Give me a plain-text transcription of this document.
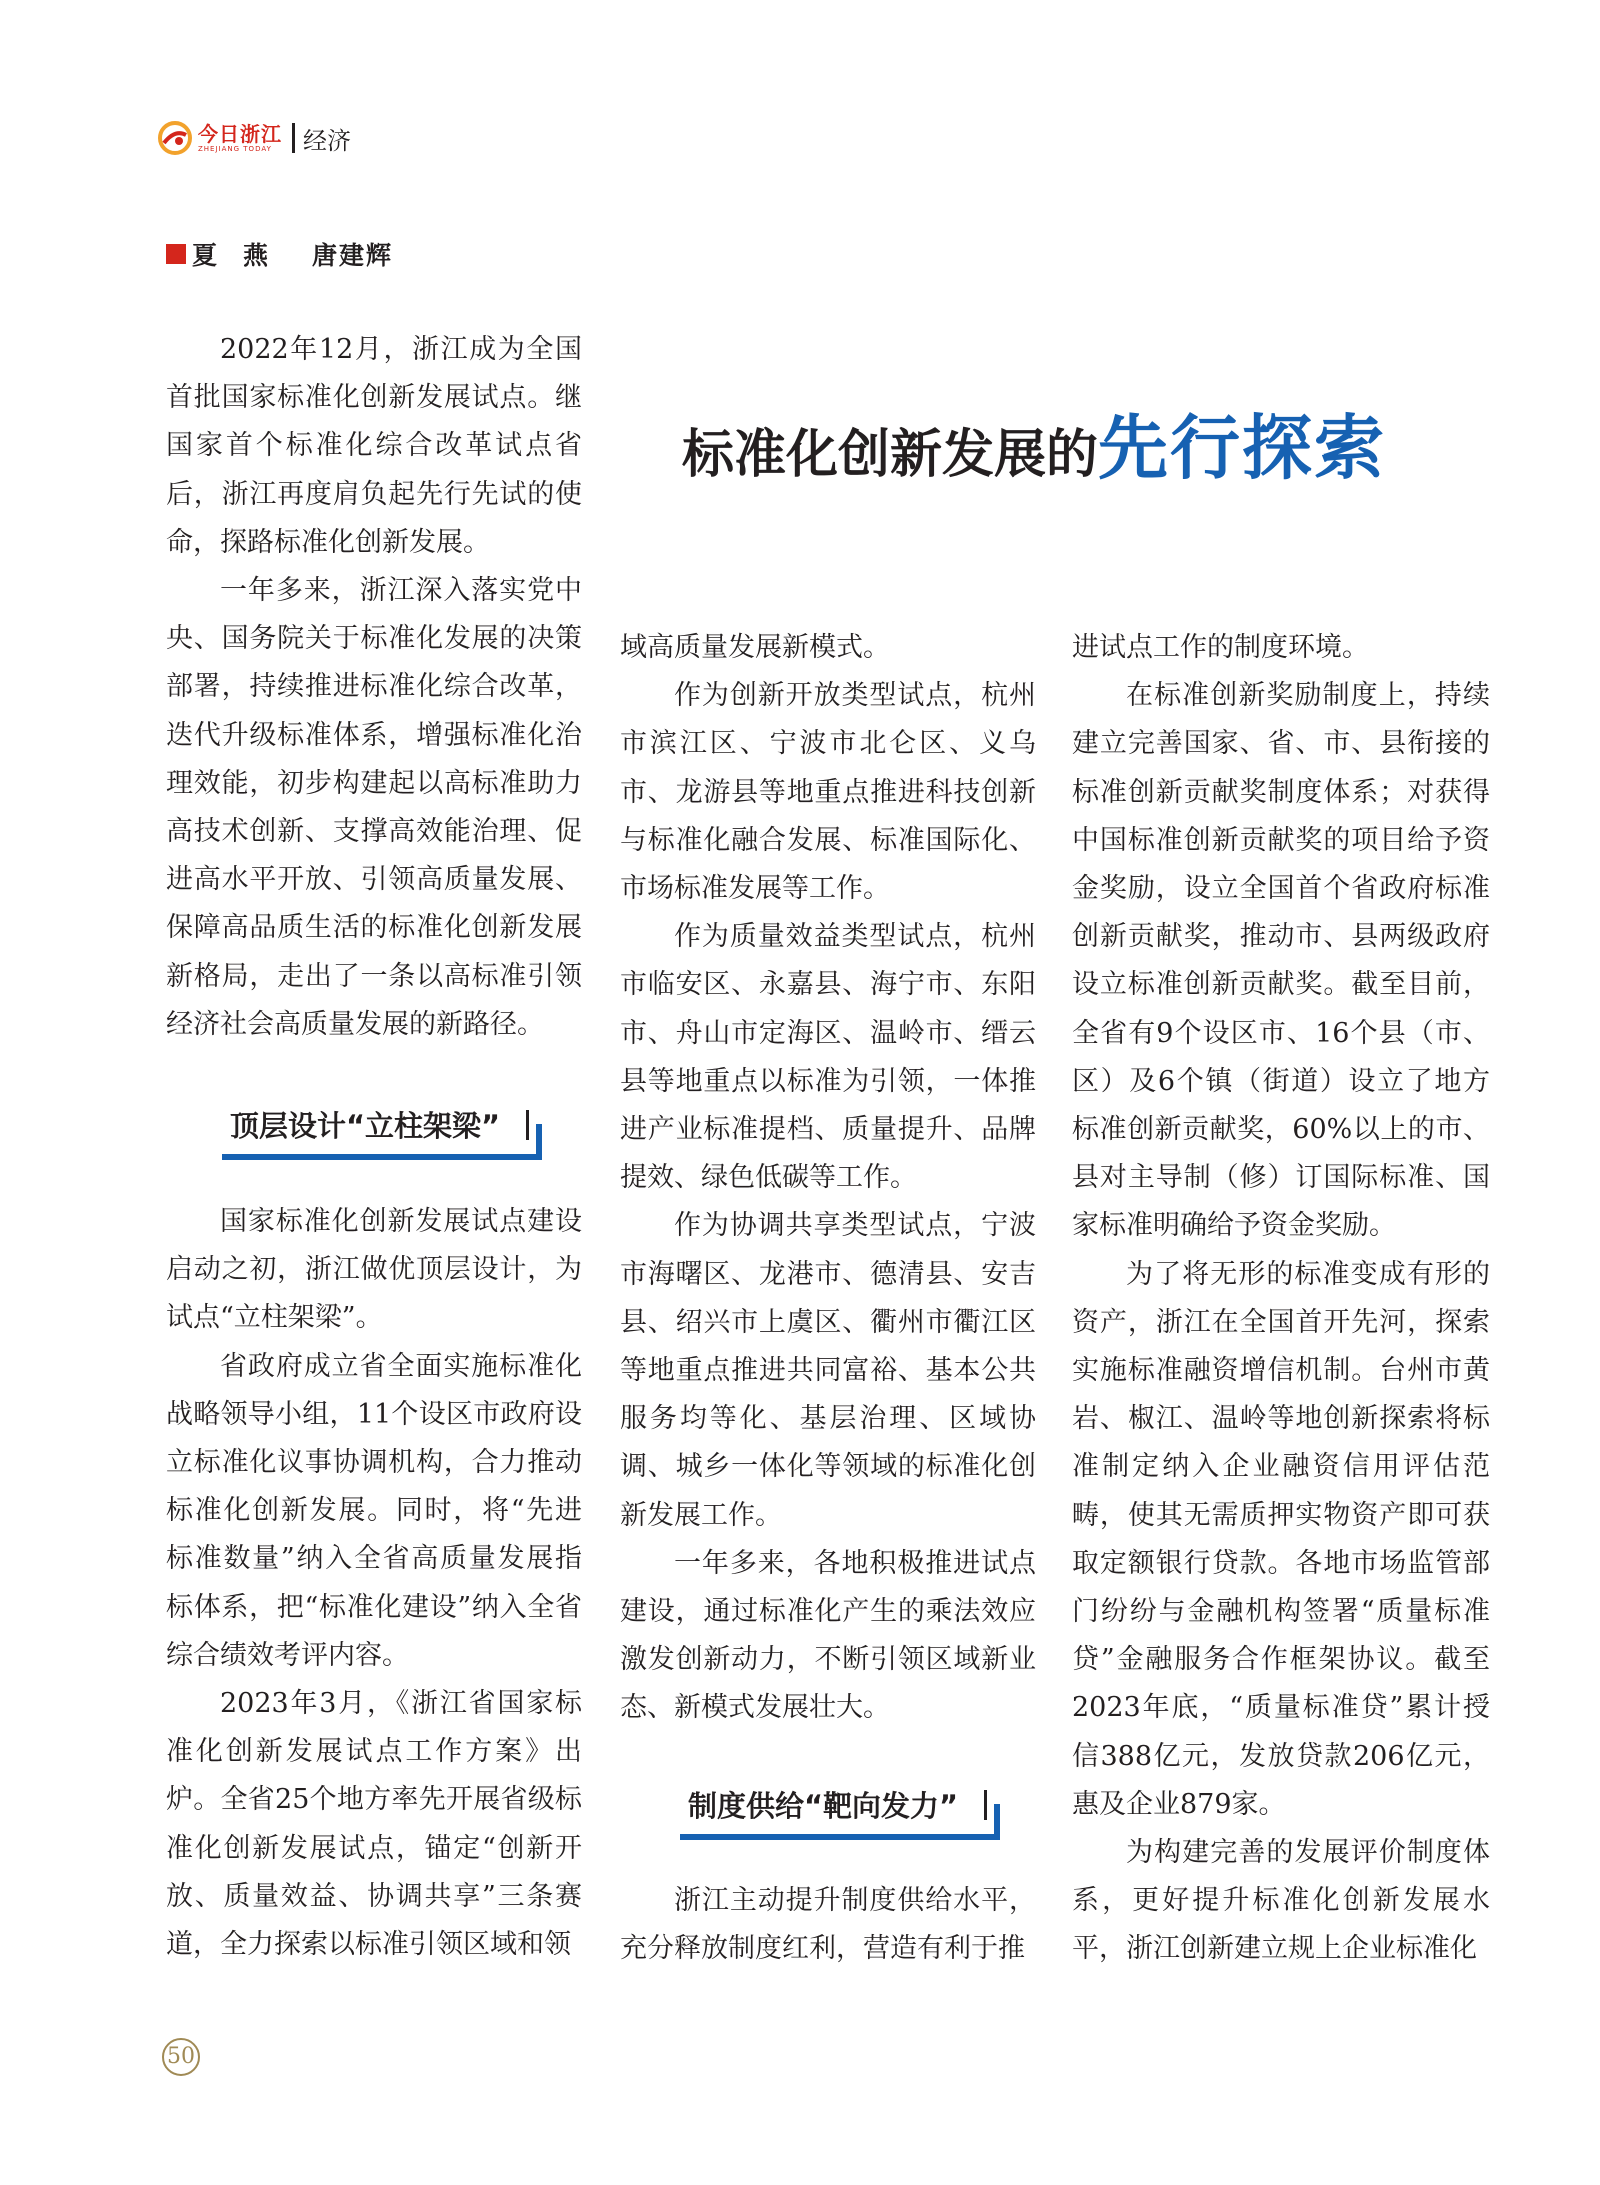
今日浙江
ZHEJIANG TODAY	经济
夏燕 唐建辉
标准化创新发展的先行探索

2022年12月，浙江成为全国首批国家标准化创新发展试点。继国家首个标准化综合改革试点省后，浙江再度肩负起先行先试的使命，探路标准化创新发展。

一年多来，浙江深入落实党中央、国务院关于标准化发展的决策部署，持续推进标准化综合改革，迭代升级标准体系，增强标准化治理效能，初步构建起以高标准助力高技术创新、支撑高效能治理、促进高水平开放、引领高质量发展、保障高品质生活的标准化创新发展新格局，走出了一条以高标准引领经济社会高质量发展的新路径。

顶层设计“立柱架梁”

国家标准化创新发展试点建设启动之初，浙江做优顶层设计，为试点“立柱架梁”。

省政府成立省全面实施标准化战略领导小组，11个设区市政府设立标准化议事协调机构，合力推动标准化创新发展。同时，将“先进标准数量”纳入全省高质量发展指标体系，把“标准化建设”纳入全省综合绩效考评内容。

2023年3月，《浙江省国家标准化创新发展试点工作方案》出炉。全省25个地方率先开展省级标准化创新发展试点，锚定“创新开放、质量效益、协调共享”三条赛道，全力探索以标准引领区域和领

域高质量发展新模式。

作为创新开放类型试点，杭州市滨江区、宁波市北仑区、义乌市、龙游县等地重点推进科技创新与标准化融合发展、标准国际化、市场标准发展等工作。

作为质量效益类型试点，杭州市临安区、永嘉县、海宁市、东阳市、舟山市定海区、温岭市、缙云县等地重点以标准为引领，一体推进产业标准提档、质量提升、品牌提效、绿色低碳等工作。

作为协调共享类型试点，宁波市海曙区、龙港市、德清县、安吉县、绍兴市上虞区、衢州市衢江区等地重点推进共同富裕、基本公共服务均等化、基层治理、区域协调、城乡一体化等领域的标准化创新发展工作。

一年多来，各地积极推进试点建设，通过标准化产生的乘法效应激发创新动力，不断引领区域新业态、新模式发展壮大。

制度供给“靶向发力”

浙江主动提升制度供给水平，充分释放制度红利，营造有利于推

进试点工作的制度环境。

在标准创新奖励制度上，持续建立完善国家、省、市、县衔接的标准创新贡献奖制度体系；对获得中国标准创新贡献奖的项目给予资金奖励，设立全国首个省政府标准创新贡献奖，推动市、县两级政府设立标准创新贡献奖。截至目前，全省有9个设区市、16个县（市、区）及6个镇（街道）设立了地方标准创新贡献奖，60%以上的市、县对主导制（修）订国际标准、国家标准明确给予资金奖励。

为了将无形的标准变成有形的资产，浙江在全国首开先河，探索实施标准融资增信机制。台州市黄岩、椒江、温岭等地创新探索将标准制定纳入企业融资信用评估范畴，使其无需质押实物资产即可获取定额银行贷款。各地市场监管部门纷纷与金融机构签署“质量标准贷”金融服务合作框架协议。截至2023年底，“质量标准贷”累计授信388亿元，发放贷款206亿元，惠及企业879家。

为构建完善的发展评价制度体系，更好提升标准化创新发展水平，浙江创新建立规上企业标准化

50
